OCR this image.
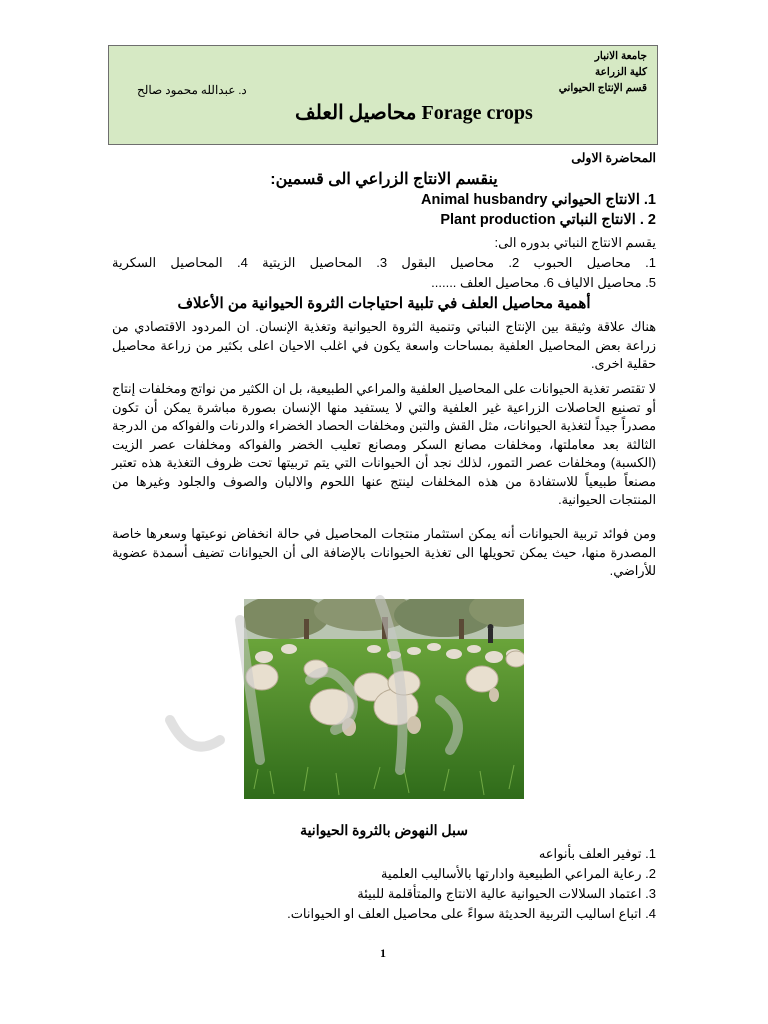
جامعة الانبار
كلية الزراعة
قسم الإنتاج الحيواني
د. عبدالله محمود صالح
محاصيل العلف Forage crops
المحاضرة الاولى
ينقسم الانتاج الزراعي الى قسمين:
1. الانتاج الحيواني Animal husbandry
2 . الانتاج النباتي Plant production
يقسم الانتاج النباتي بدوره الى:
1. محاصيل الحبوب 2. محاصيل البقول 3. المحاصيل الزيتية 4. المحاصيل السكرية
5. محاصيل الالياف 6. محاصيل العلف .......
أهمية محاصيل العلف في تلبية احتياجات الثروة الحيوانية من الأعلاف
هناك علاقة وثيقة بين الإنتاج النباتي وتنمية الثروة الحيوانية وتغذية الإنسان. ان المردود الاقتصادي من زراعة بعض المحاصيل العلفية بمساحات واسعة يكون في اغلب الاحيان اعلى بكثير من زراعة محاصيل حقلية اخرى.
لا تقتصر تغذية الحيوانات على المحاصيل العلفية والمراعي الطبيعية، بل ان الكثير من نواتج ومخلفات إنتاج أو تصنيع الحاصلات الزراعية غير العلفية والتي لا يستفيد منها الإنسان بصورة مباشرة يمكن أن تكون مصدراً جيداً لتغذية الحيوانات، مثل القش والتبن ومخلفات الحصاد الخضراء والدرنات والفواكه من الدرجة الثالثة بعد معاملتها، ومخلفات مصانع السكر ومصانع تعليب الخضر والفواكه ومخلفات عصر الزيت (الكسبة) ومخلفات عصر التمور، لذلك نجد أن الحيوانات التي يتم تربيتها تحت ظروف التغذية هذه تعتبر مصنعاً طبيعياً للاستفادة من هذه المخلفات لينتج عنها اللحوم والالبان والصوف والجلود وغيرها من المنتجات الحيوانية.
ومن فوائد تربية الحيوانات أنه يمكن استثمار منتجات المحاصيل في حالة انخفاض نوعيتها وسعرها خاصة المصدرة منها، حيث يمكن تحويلها الى تغذية الحيوانات بالإضافة الى أن الحيوانات تضيف أسمدة عضوية للأراضي.
سبل النهوض بالثروة الحيوانية
1. توفير العلف بأنواعه
2. رعاية المراعي الطبيعية وادارتها بالأساليب العلمية
3. اعتماد السلالات الحيوانية عالية الانتاج والمتأقلمة للبيئة
4. اتباع اساليب التربية الحديثة سواءً على محاصيل العلف او الحيوانات.
1
